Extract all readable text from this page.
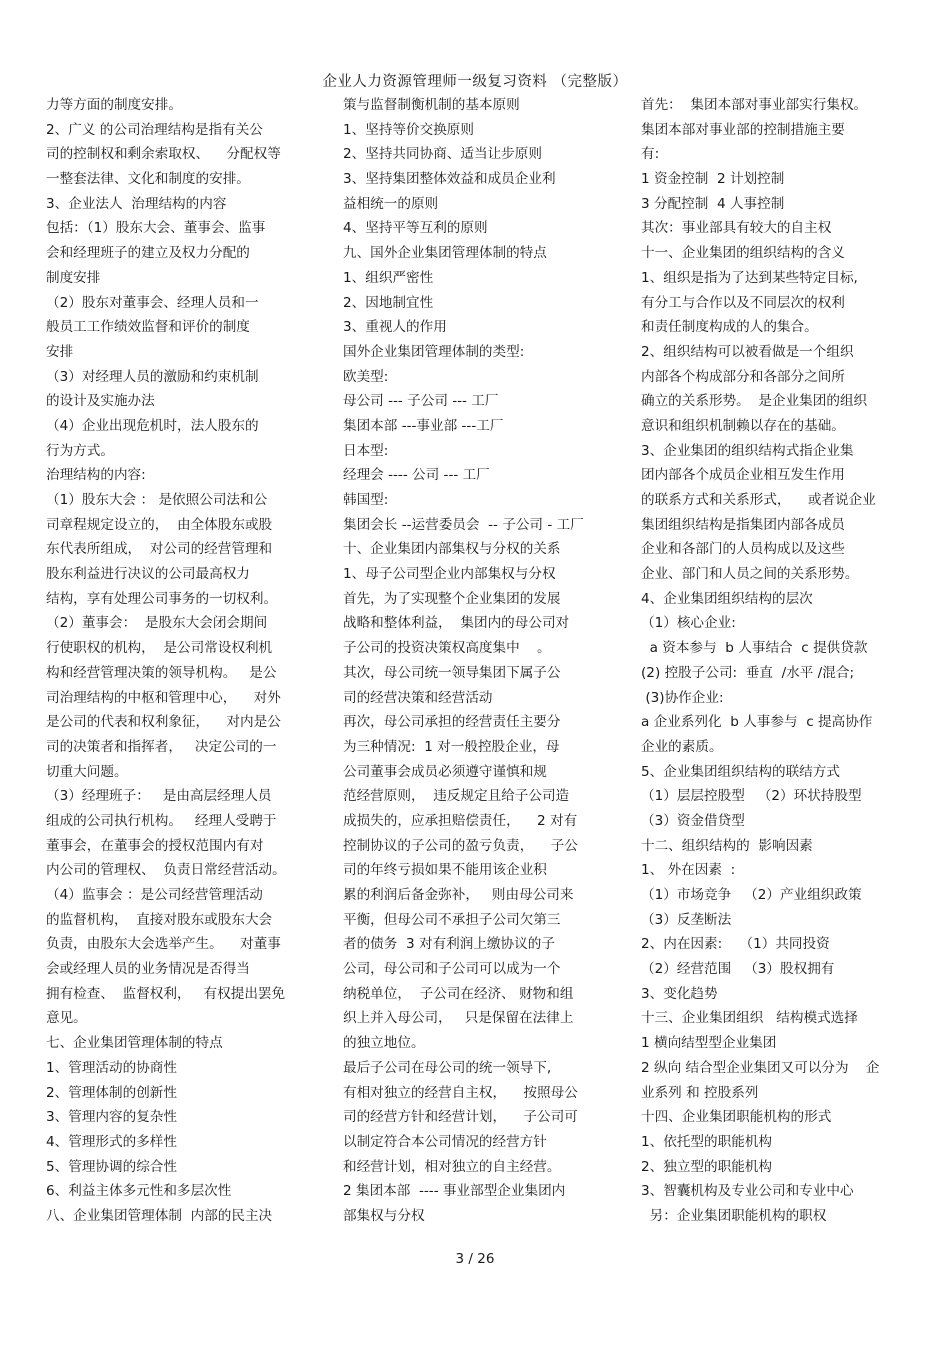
企业人力资源管理师一级复习资料 （完整版）
力等方面的制度安排。
2、广义 的公司治理结构是指有关公
司的控制权和剩余索取权、    分配权等
一整套法律、文化和制度的安排。
3、企业法人  治理结构的内容
包括：（1）股东大会、董事会、监事
会和经理班子的建立及权力分配的
制度安排
（2）股东对董事会、经理人员和一
般员工工作绩效监督和评价的制度
安排
（3）对经理人员的激励和约束机制
的设计及实施办法
（4）企业出现危机时，法人股东的
行为方式。
治理结构的内容:
（1）股东大会 ： 是依照公司法和公
司章程规定设立的，  由全体股东或股
东代表所组成，  对公司的经营管理和
股东利益进行决议的公司最高权力
结构，享有处理公司事务的一切权利。
（2）董事会：  是股东大会闭会期间
行使职权的机构，  是公司常设权利机
构和经营管理决策的领导机构。   是公
司治理结构的中枢和管理中心，    对外
是公司的代表和权利象征，    对内是公
司的决策者和指挥者，   决定公司的一
切重大问题。
（3）经理班子：   是由高层经理人员
组成的公司执行机构。   经理人受聘于
董事会，在董事会的授权范围内有对
内公司的管理权、  负责日常经营活动。
（4）监事会 ：是公司经营管理活动
的监督机构，  直接对股东或股东大会
负责，由股东大会选举产生。    对董事
会或经理人员的业务情况是否得当
拥有检查、  监督权利，   有权提出罢免
意见。
七、企业集团管理体制的特点
1、管理活动的协商性
2、管理体制的创新性
3、管理内容的复杂性
4、管理形式的多样性
5、管理协调的综合性
6、利益主体多元性和多层次性
八、企业集团管理体制  内部的民主决
策与监督制衡机制的基本原则
1、坚持等价交换原则
2、坚持共同协商、适当让步原则
3、坚持集团整体效益和成员企业利
益相统一的原则
4、坚持平等互利的原则
九、国外企业集团管理体制的特点
1、组织严密性
2、因地制宜性
3、重视人的作用
国外企业集团管理体制的类型:
欧美型:
母公司 --- 子公司 --- 工厂
集团本部 ---事业部 ---工厂
日本型:
经理会 ---- 公司 --- 工厂
韩国型:
集团会长 --运营委员会  -- 子公司 - 工厂
十、企业集团内部集权与分权的关系
1、母子公司型企业内部集权与分权
首先，为了实现整个企业集团的发展
战略和整体利益，  集团内的母公司对
子公司的投资决策权高度集中    。
其次，母公司统一领导集团下属子公
司的经营决策和经营活动
再次，母公司承担的经营责任主要分
为三种情况:  1 对一般控股企业，母
公司董事会成员必须遵守谨慎和规
范经营原则，  违反规定且给子公司造
成损失的，应承担赔偿责任，    2 对有
控制协议的子公司的盈亏负责，    子公
司的年终亏损如果不能用该企业积
累的利润后备金弥补，   则由母公司来
平衡，但母公司不承担子公司欠第三
者的债务  3 对有利润上缴协议的子
公司，母公司和子公司可以成为一个
纳税单位，  子公司在经济、 财物和组
织上并入母公司，   只是保留在法律上
的独立地位。
最后子公司在母公司的统一领导下,
有相对独立的经营自主权，    按照母公
司的经营方针和经营计划，    子公司可
以制定符合本公司情况的经营方针
和经营计划，相对独立的自主经营。
2 集团本部  ---- 事业部型企业集团内
部集权与分权
首先：  集团本部对事业部实行集权。
集团本部对事业部的控制措施主要
有:
1 资金控制  2 计划控制
3 分配控制  4 人事控制
其次：事业部具有较大的自主权
十一、企业集团的组织结构的含义
1、组织是指为了达到某些特定目标,
有分工与合作以及不同层次的权利
和责任制度构成的人的集合。
2、组织结构可以被看做是一个组织
内部各个构成部分和各部分之间所
确立的关系形势。  是企业集团的组织
意识和组织机制赖以存在的基础。
3、企业集团的组织结构式指企业集
团内部各个成员企业相互发生作用
的联系方式和关系形式，    或者说企业
集团组织结构是指集团内部各成员
企业和各部门的人员构成以及这些
企业、部门和人员之间的关系形势。
4、企业集团组织结构的层次
（1）核心企业:
a 资本参与  b 人事结合  c 提供贷款
(2) 控股子公司:  垂直  /水平 /混合;
(3)协作企业:
a 企业系列化  b 人事参与  c 提高协作
企业的素质。
5、企业集团组织结构的联结方式
（1）层层控股型   （2）环状持股型
（3）资金借贷型
十二、组织结构的  影响因素
1、 外在因素  :
（1）市场竞争   （2）产业组织政策
（3）反垄断法
2、内在因素:    （1）共同投资
（2）经营范围   （3）股权拥有
3、变化趋势
十三、企业集团组织   结构模式选择
1 横向结型型企业集团
2 纵向 结合型企业集团又可以分为    企
业系列 和 控股系列
十四、企业集团职能机构的形式
1、依托型的职能机构
2、独立型的职能机构
3、智囊机构及专业公司和专业中心
另：企业集团职能机构的职权
3 / 26
